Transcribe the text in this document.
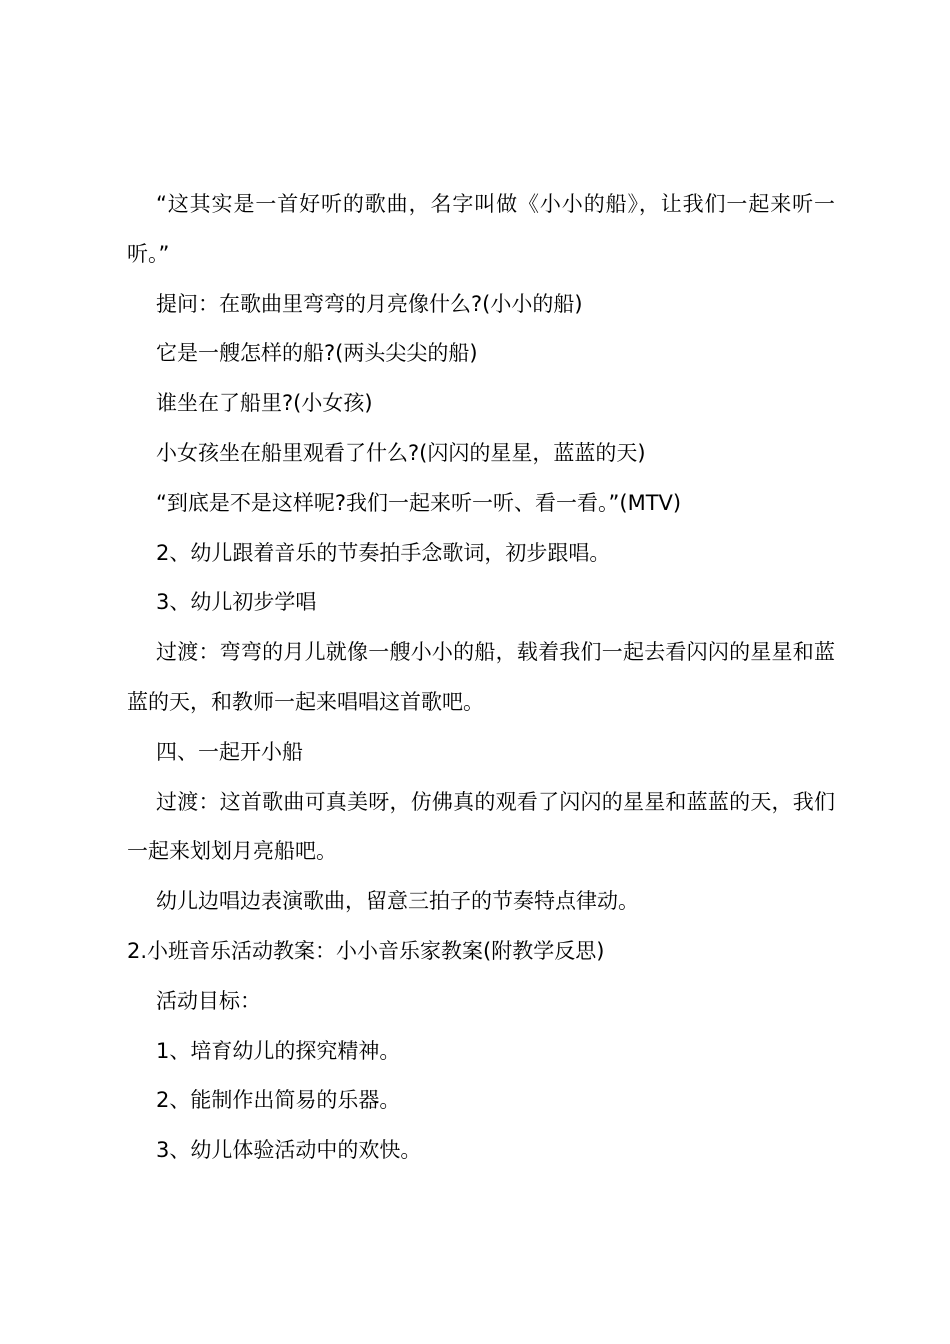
“这其实是一首好听的歌曲，名字叫做《小小的船》，让我们一起来听一听。”

提问：在歌曲里弯弯的月亮像什么?(小小的船)

它是一艘怎样的船?(两头尖尖的船)

谁坐在了船里?(小女孩)

小女孩坐在船里观看了什么?(闪闪的星星，蓝蓝的天)

“到底是不是这样呢?我们一起来听一听、看一看。”(MTV)

2、幼儿跟着音乐的节奏拍手念歌词，初步跟唱。

3、幼儿初步学唱

过渡：弯弯的月儿就像一艘小小的船，载着我们一起去看闪闪的星星和蓝蓝的天，和教师一起来唱唱这首歌吧。

四、一起开小船

过渡：这首歌曲可真美呀，仿佛真的观看了闪闪的星星和蓝蓝的天，我们一起来划划月亮船吧。

幼儿边唱边表演歌曲，留意三拍子的节奏特点律动。

2.小班音乐活动教案：小小音乐家教案(附教学反思)

活动目标：

1、培育幼儿的探究精神。

2、能制作出简易的乐器。

3、幼儿体验活动中的欢快。
